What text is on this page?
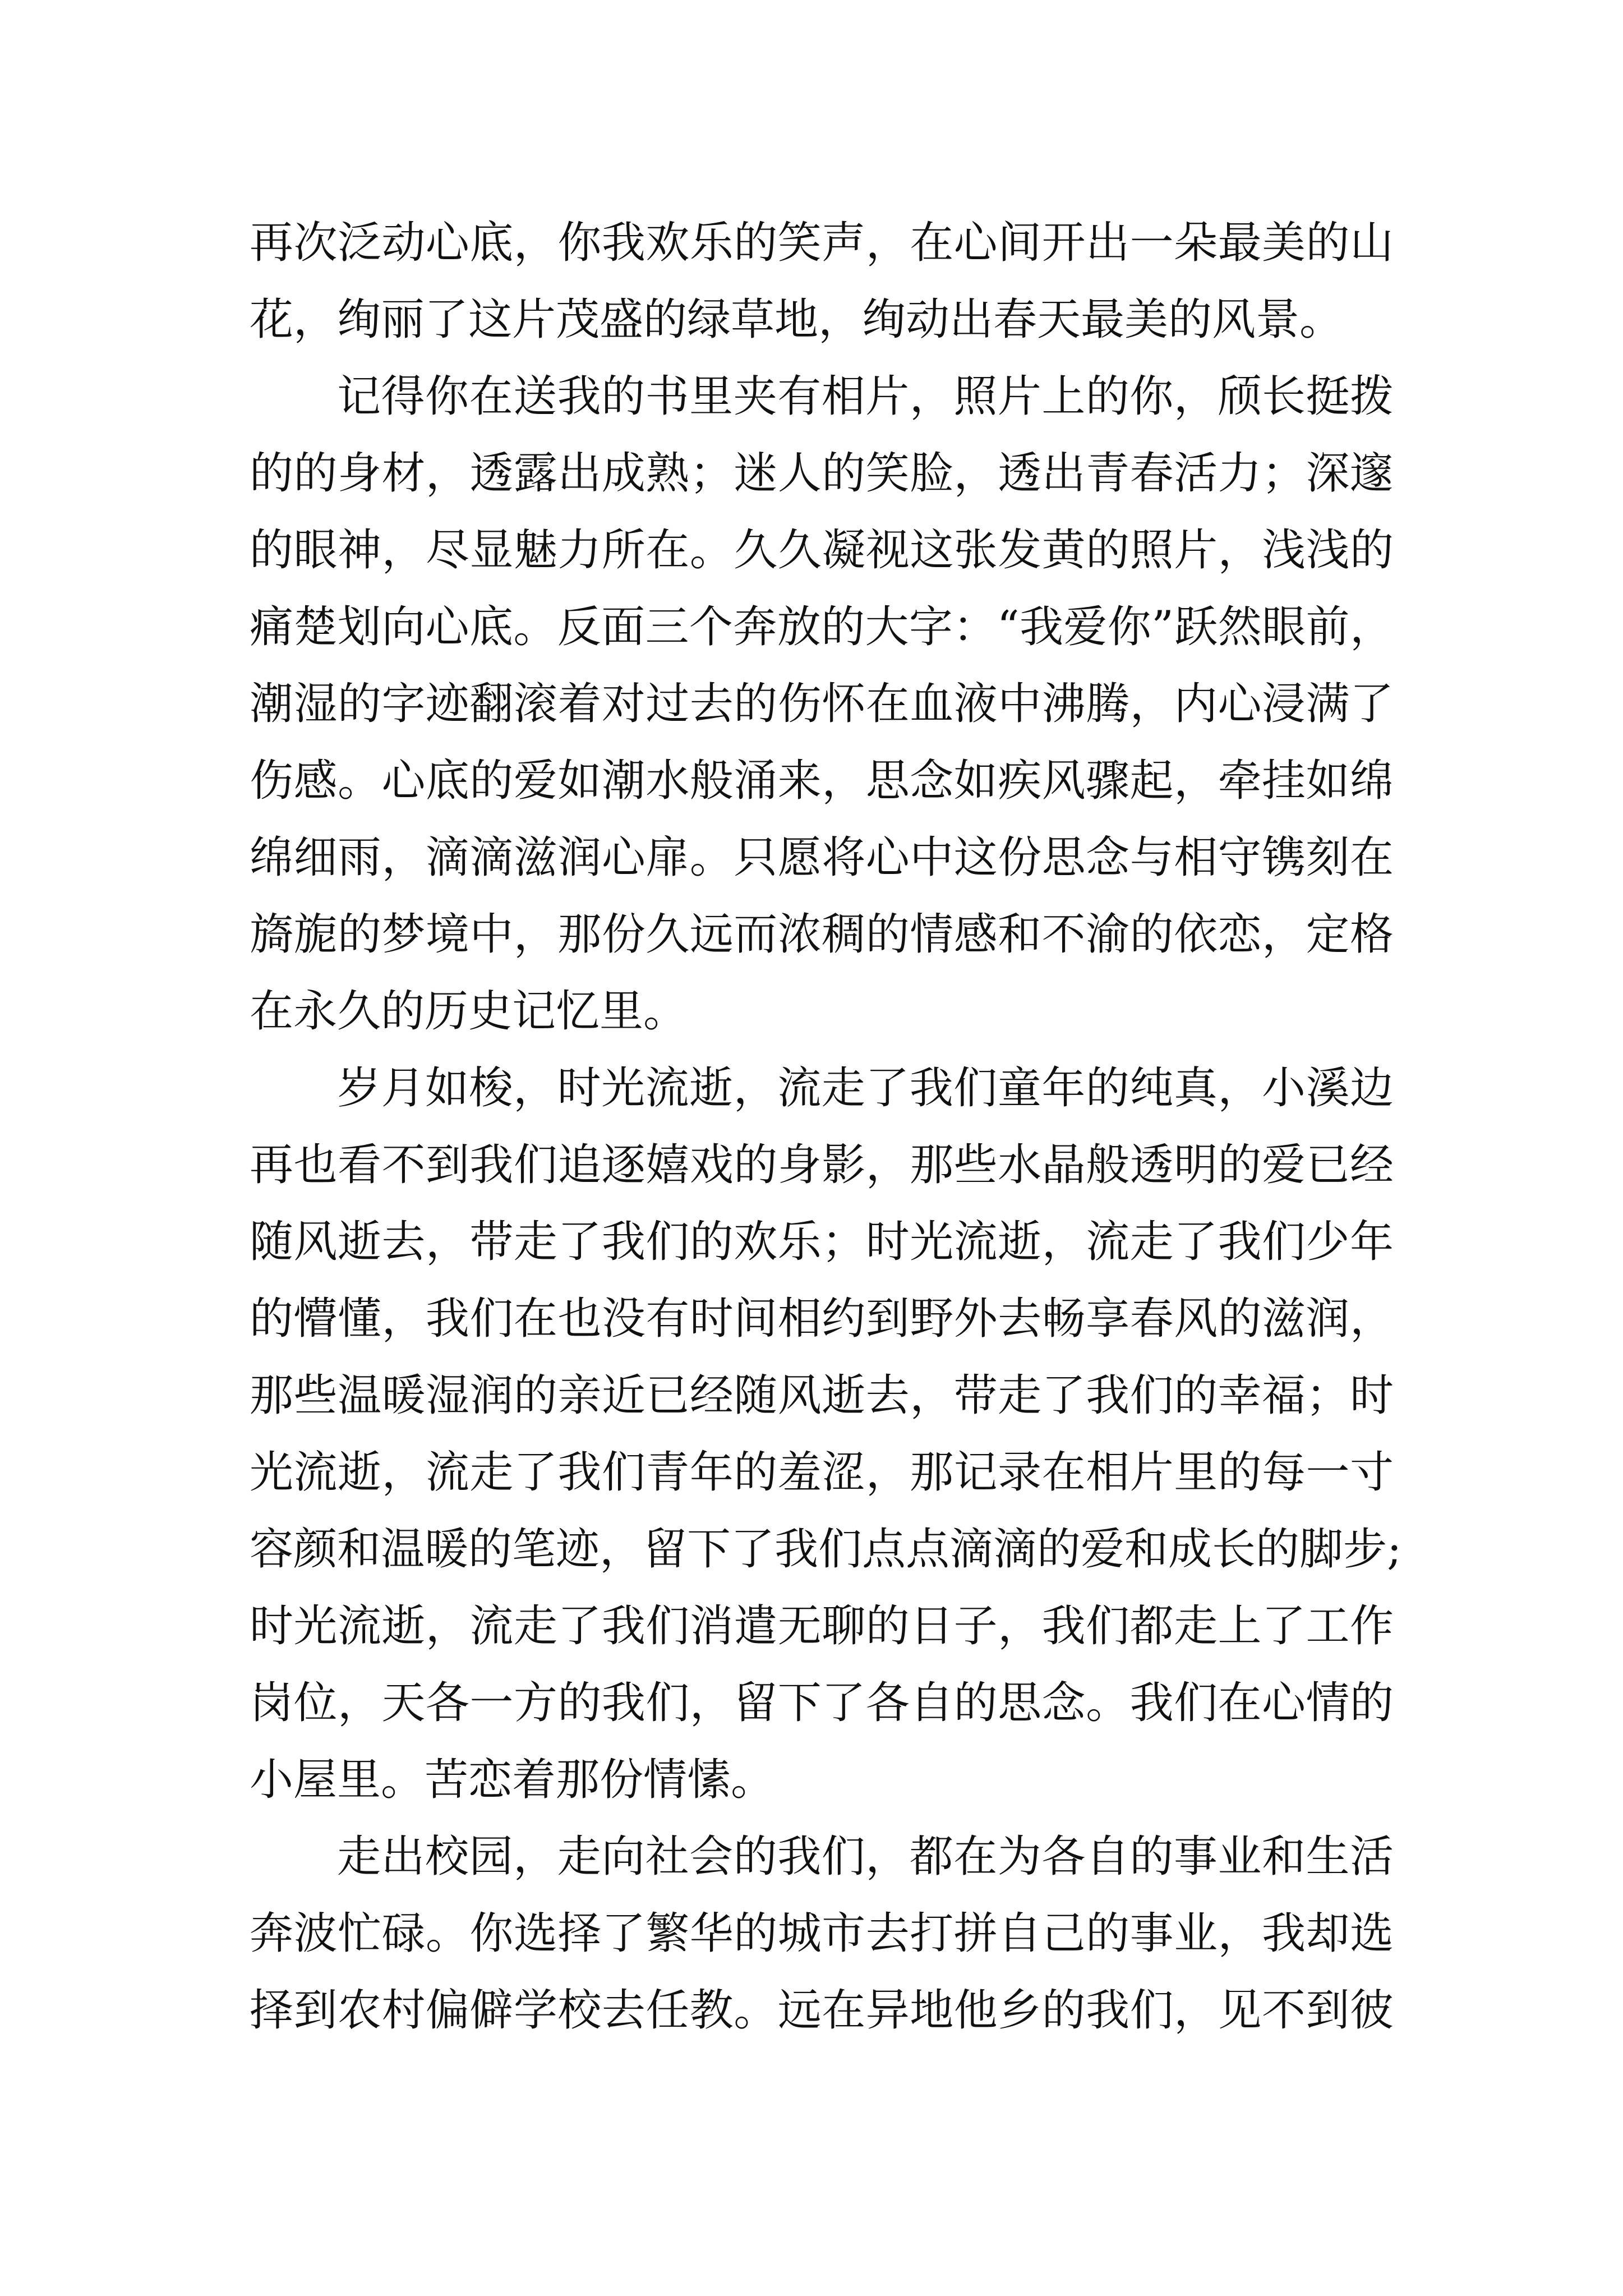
再次泛动心底，你我欢乐的笑声，在心间开出一朵最美的山
花，绚丽了这片茂盛的绿草地，绚动出春天最美的风景。
记得你在送我的书里夹有相片，照片上的你，颀长挺拨
的的身材，透露出成熟；迷人的笑脸，透出青春活力；深邃
的眼神，尽显魅力所在。久久凝视这张发黄的照片，浅浅的
痛楚划向心底。反面三个奔放的大字：“我爱你”跃然眼前，
潮湿的字迹翻滚着对过去的伤怀在血液中沸腾，内心浸满了
伤感。心底的爱如潮水般涌来，思念如疾风骤起，牵挂如绵
绵细雨，滴滴滋润心扉。只愿将心中这份思念与相守镌刻在
旖旎的梦境中，那份久远而浓稠的情感和不渝的依恋，定格
在永久的历史记忆里。
岁月如梭，时光流逝，流走了我们童年的纯真，小溪边
再也看不到我们追逐嬉戏的身影，那些水晶般透明的爱已经
随风逝去，带走了我们的欢乐；时光流逝，流走了我们少年
的懵懂，我们在也没有时间相约到野外去畅享春风的滋润，
那些温暖湿润的亲近已经随风逝去，带走了我们的幸福；时
光流逝，流走了我们青年的羞涩，那记录在相片里的每一寸
容颜和温暖的笔迹，留下了我们点点滴滴的爱和成长的脚步;
时光流逝，流走了我们消遣无聊的日子，我们都走上了工作
岗位，天各一方的我们，留下了各自的思念。我们在心情的
小屋里。苦恋着那份情愫。
走出校园，走向社会的我们，都在为各自的事业和生活
奔波忙碌。你选择了繁华的城市去打拼自己的事业，我却选
择到农村偏僻学校去任教。远在异地他乡的我们，见不到彼
